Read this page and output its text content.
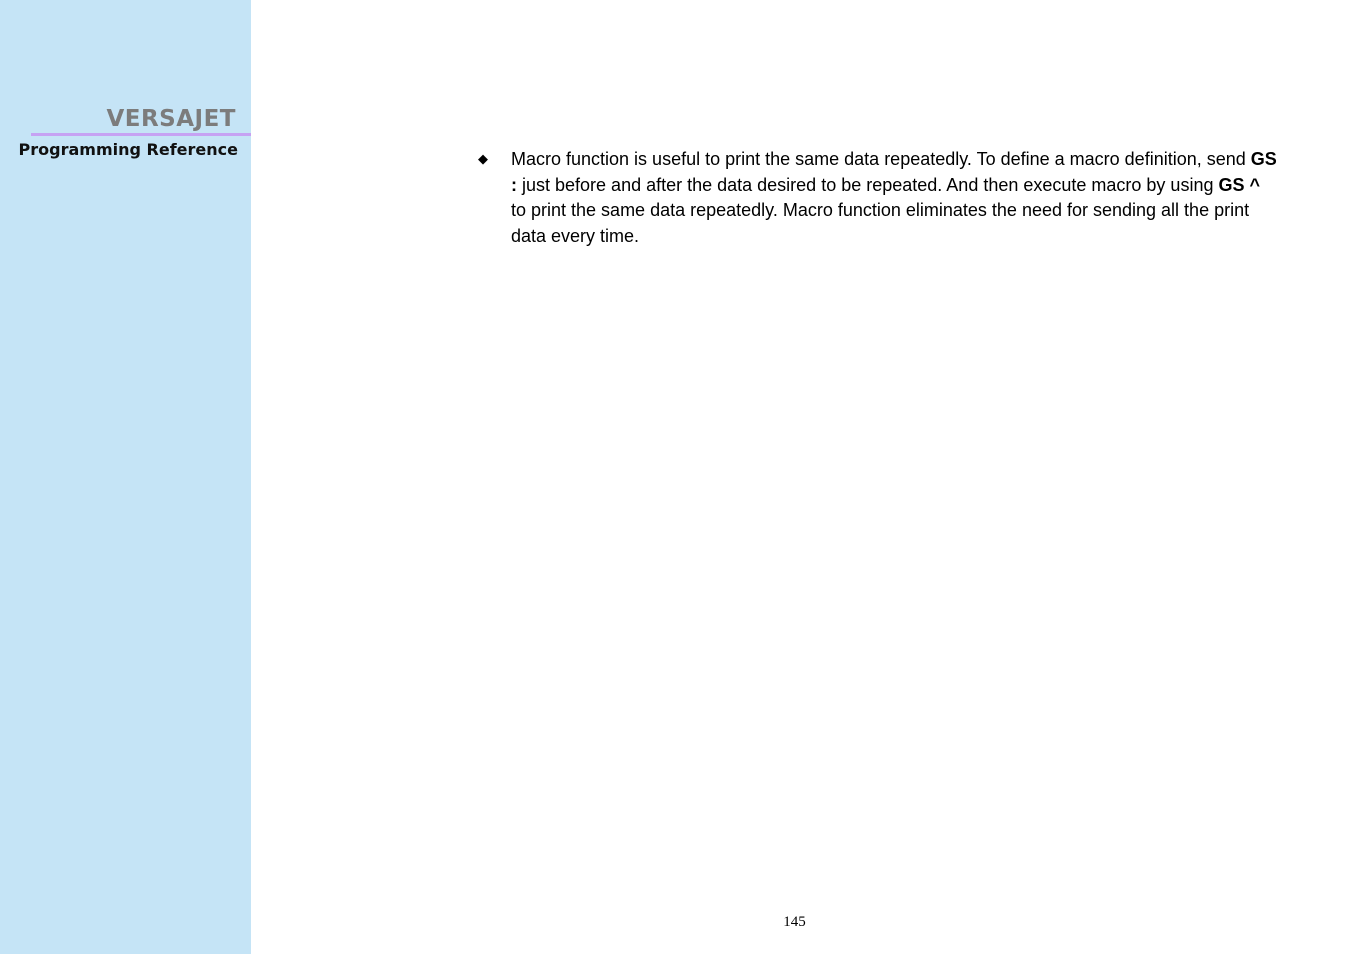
VERSAJET
Programming Reference
◆ Macro function is useful to print the same data repeatedly. To define a macro definition, send GS : just before and after the data desired to be repeated. And then execute macro by using GS ^ to print the same data repeatedly. Macro function eliminates the need for sending all the print data every time.
145
